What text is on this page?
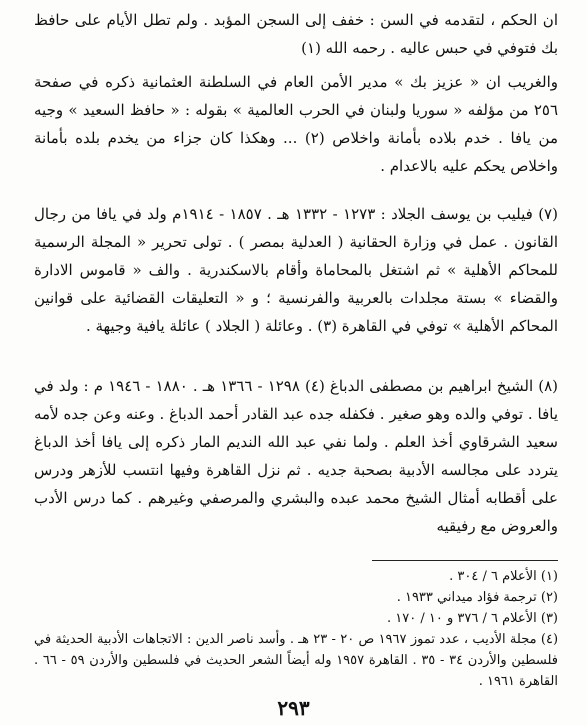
ان الحكم ، لتقدمه في السن : خفف إلى السجن المؤبد . ولم تطل الأيام على حافظ بك فتوفي في حبس عاليه . رحمه الله (١)

والغريب ان « عزيز بك » مدير الأمن العام في السلطنة العثمانية ذكره في صفحة ٢٥٦ من مؤلفه « سوريا ولبنان في الحرب العالمية » بقوله : « حافظ السعيد » وجيه من يافا . خدم بلاده بأمانة واخلاص (٢) ... وهكذا كان جزاء من يخدم بلده بأمانة واخلاص يحكم عليه بالاعدام .

(٧) فيليب بن يوسف الجلاد : ١٢٧٣ - ١٣٣٢ هـ . ١٨٥٧ - ١٩١٤م ولد في يافا من رجال القانون . عمل في وزارة الحقانية ( العدلية بمصر ) . تولى تحرير « المجلة الرسمية للمحاكم الأهلية » ثم اشتغل بالمحاماة وأقام بالاسكندرية . والف « قاموس الادارة والقضاء » بستة مجلدات بالعربية والفرنسية ؛ و « التعليقات القضائية على قوانين المحاكم الأهلية » توفي في القاهرة (٣) . وعائلة ( الجلاد ) عائلة يافية وجيهة .

(٨) الشيخ ابراهيم بن مصطفى الدباغ (٤) ١٢٩٨ - ١٣٦٦ هـ . ١٨٨٠ - ١٩٤٦ م : ولد في يافا . توفي والده وهو صغير . فكفله جده عبد القادر أحمد الدباغ . وعنه وعن جده لأمه سعيد الشرقاوي أخذ العلم . ولما نفي عبد الله النديم المار ذكره إلى يافا أخذ الدباغ يتردد على مجالسه الأدبية بصحبة جديه . ثم نزل القاهرة وفيها انتسب للأزهر ودرس على أقطابه أمثال الشيخ محمد عبده والبشري والمرصفي وغيرهم . كما درس الأدب والعروض مع رفيقيه

(١) الأعلام ٦ / ٣٠٤ .

(٢) ترجمة فؤاد ميداني ١٩٣٣ .

(٣) الأعلام ٦ / ٣٧٦ و ١٠ / ١٧٠ .

(٤) مجلة الأديب ، عدد تموز ١٩٦٧ ص ٢٠ - ٢٣ هـ . وأسد ناصر الدين : الاتجاهات الأدبية الحديثة في فلسطين والأردن ٣٤ - ٣٥ . القاهرة ١٩٥٧ وله أيضاً الشعر الحديث في فلسطين والأردن ٥٩ - ٦٦ . القاهرة ١٩٦١ .

٢٩٣
